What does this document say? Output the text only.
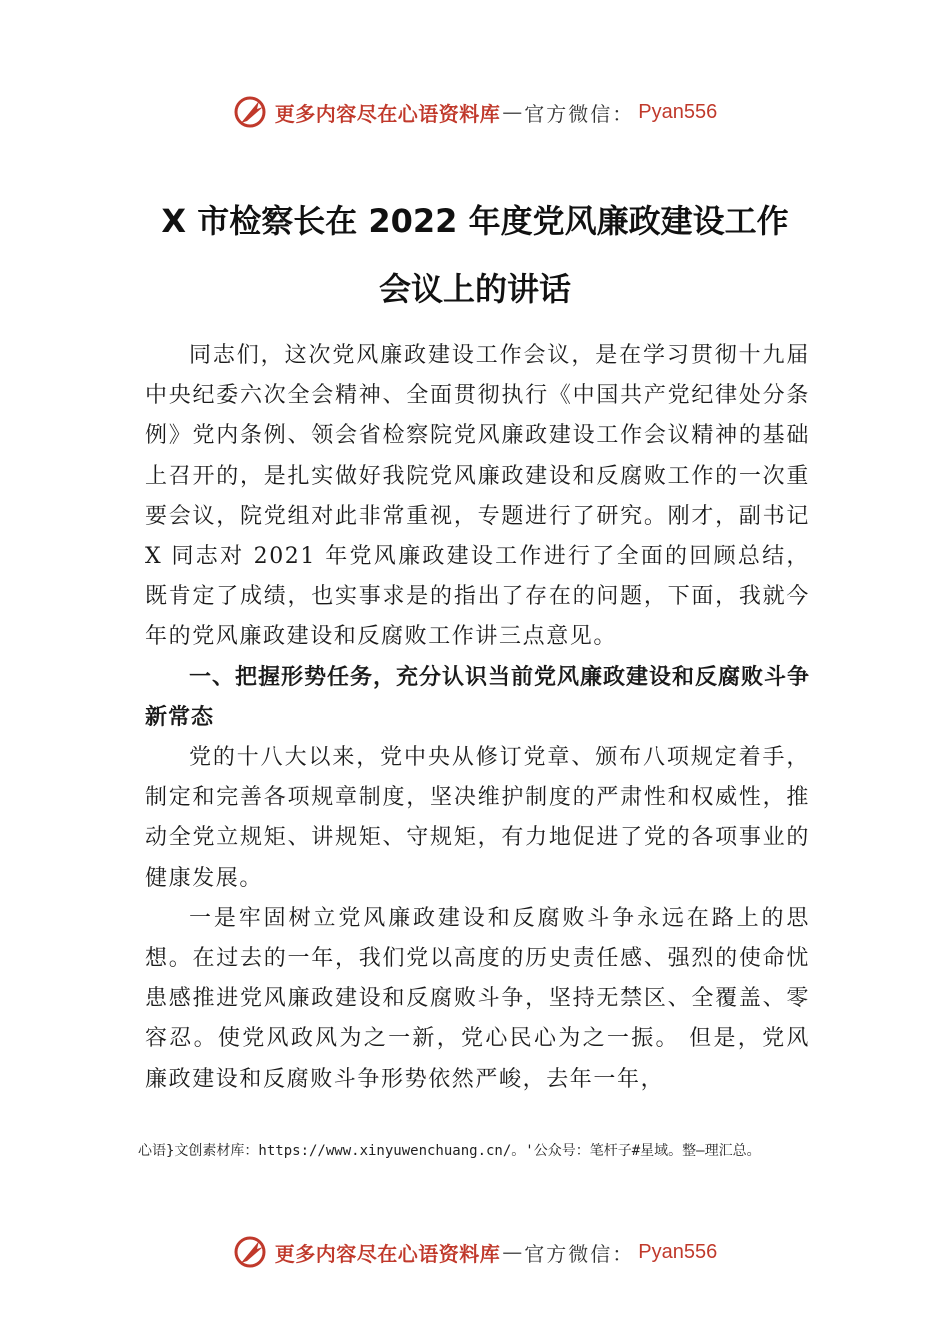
更多内容尽在心语资料库 — 官方微信： Pyan556
X 市检察长在 2022 年度党风廉政建设工作
会议上的讲话

同志们，这次党风廉政建设工作会议，是在学习贯彻十九届中央纪委六次全会精神、全面贯彻执行《中国共产党纪律处分条例》党内条例、领会省检察院党风廉政建设工作会议精神的基础上召开的，是扎实做好我院党风廉政建设和反腐败工作的一次重要会议，院党组对此非常重视，专题进行了研究。刚才，副书记 X 同志对 2021 年党风廉政建设工作进行了全面的回顾总结，既肯定了成绩，也实事求是的指出了存在的问题，下面，我就今年的党风廉政建设和反腐败工作讲三点意见。

一、把握形势任务，充分认识当前党风廉政建设和反腐败斗争新常态

党的十八大以来，党中央从修订党章、颁布八项规定着手，制定和完善各项规章制度，坚决维护制度的严肃性和权威性，推动全党立规矩、讲规矩、守规矩，有力地促进了党的各项事业的健康发展。

一是牢固树立党风廉政建设和反腐败斗争永远在路上的思想。在过去的一年，我们党以高度的历史责任感、强烈的使命忧患感推进党风廉政建设和反腐败斗争，坚持无禁区、全覆盖、零容忍。使党风政风为之一新，党心民心为之一振。 但是，党风廉政建设和反腐败斗争形势依然严峻，去年一年，

心语}文创素材库：https://www.xinyuwenchuang.cn/。'公众号：笔杆子#星域。整—理汇总。
更多内容尽在心语资料库 — 官方微信： Pyan556
